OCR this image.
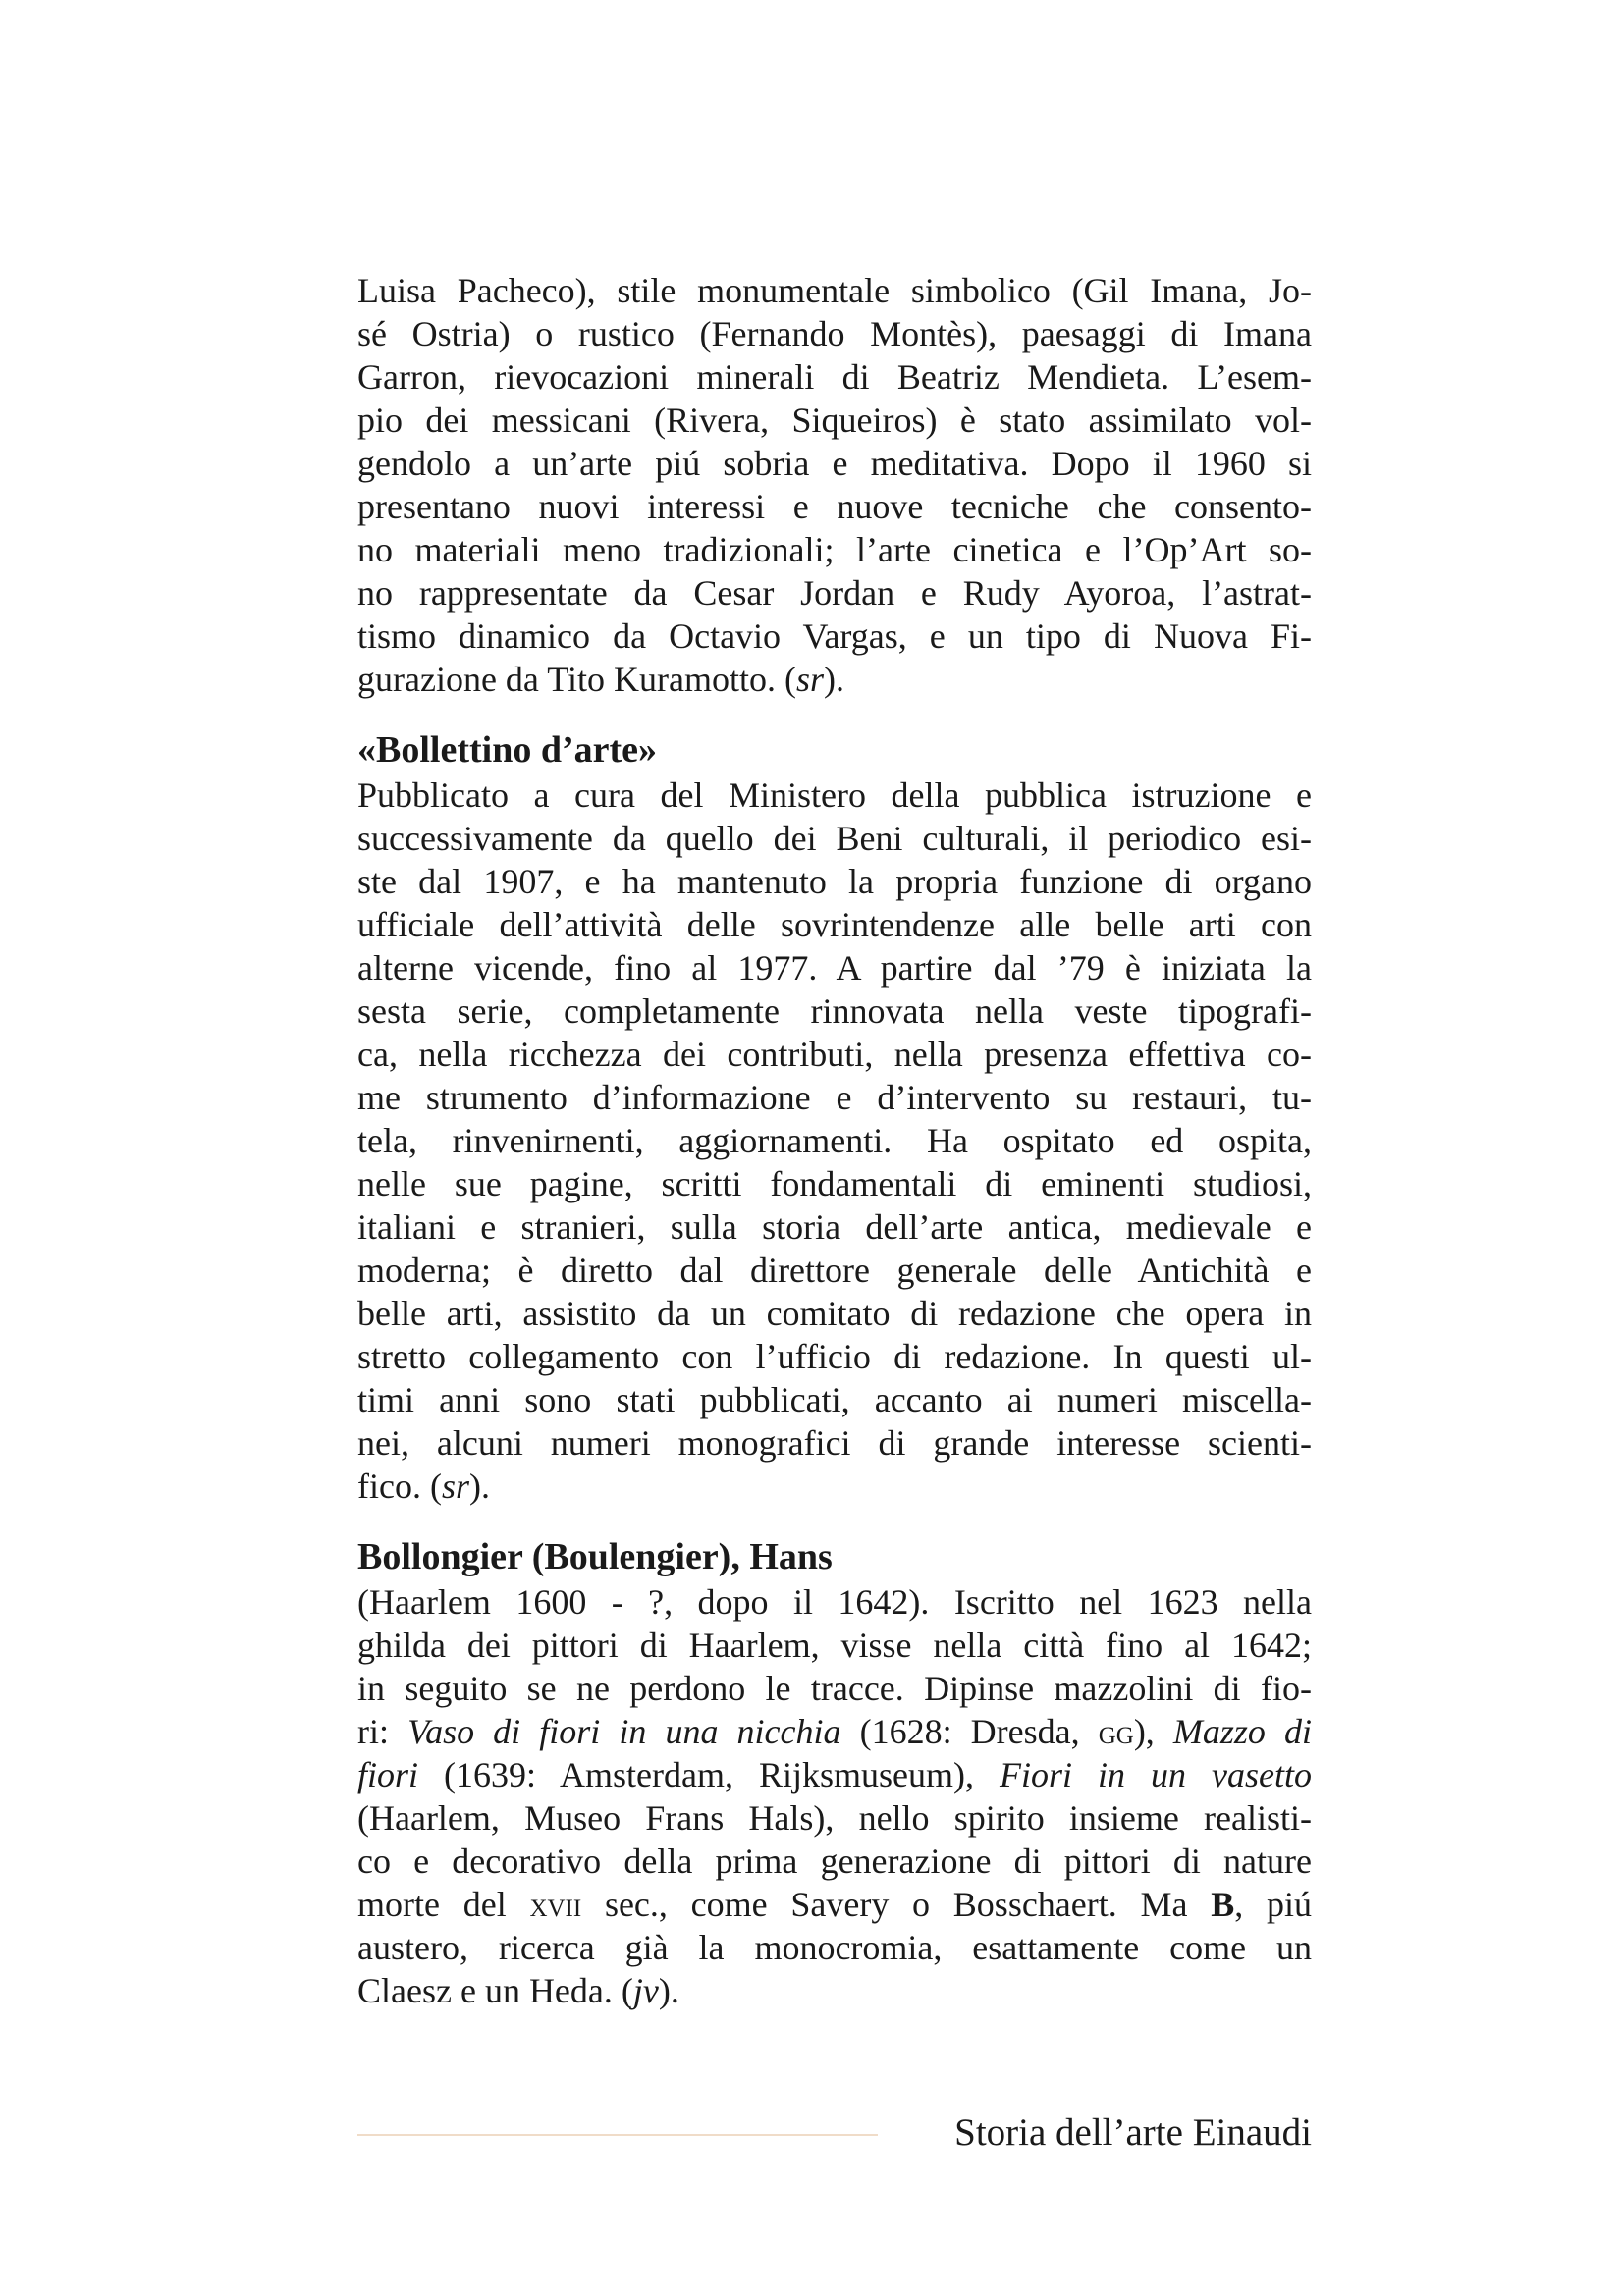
Luisa Pacheco), stile monumentale simbolico (Gil Imana, Jo-
sé Ostria) o rustico (Fernando Montès), paesaggi di Imana
Garron, rievocazioni minerali di Beatriz Mendieta. L’esem-
pio dei messicani (Rivera, Siqueiros) è stato assimilato vol-
gendolo a un’arte piú sobria e meditativa. Dopo il 1960 si
presentano nuovi interessi e nuove tecniche che consento-
no materiali meno tradizionali; l’arte cinetica e l’Op’Art so-
no rappresentate da Cesar Jordan e Rudy Ayoroa, l’astrat-
tismo dinamico da Octavio Vargas, e un tipo di Nuova Fi-
gurazione da Tito Kuramotto. (sr).
«Bollettino d’arte»
Pubblicato a cura del Ministero della pubblica istruzione e
successivamente da quello dei Beni culturali, il periodico esi-
ste dal 1907, e ha mantenuto la propria funzione di organo
ufficiale dell’attività delle sovrintendenze alle belle arti con
alterne vicende, fino al 1977. A partire dal ’79 è iniziata la
sesta serie, completamente rinnovata nella veste tipografi-
ca, nella ricchezza dei contributi, nella presenza effettiva co-
me strumento d’informazione e d’intervento su restauri, tu-
tela, rinvenirnenti, aggiornamenti. Ha ospitato ed ospita,
nelle sue pagine, scritti fondamentali di eminenti studiosi,
italiani e stranieri, sulla storia dell’arte antica, medievale e
moderna; è diretto dal direttore generale delle Antichità e
belle arti, assistito da un comitato di redazione che opera in
stretto collegamento con l’ufficio di redazione. In questi ul-
timi anni sono stati pubblicati, accanto ai numeri miscella-
nei, alcuni numeri monografici di grande interesse scienti-
fico. (sr).
Bollongier (Boulengier), Hans
(Haarlem 1600 - ?, dopo il 1642). Iscritto nel 1623 nella
ghilda dei pittori di Haarlem, visse nella città fino al 1642;
in seguito se ne perdono le tracce. Dipinse mazzolini di fio-
ri: Vaso di fiori in una nicchia (1628: Dresda, gg), Mazzo di
fiori (1639: Amsterdam, Rijksmuseum), Fiori in un vasetto
(Haarlem, Museo Frans Hals), nello spirito insieme realisti-
co e decorativo della prima generazione di pittori di nature
morte del xvii sec., come Savery o Bosschaert. Ma B, piú
austero, ricerca già la monocromia, esattamente come un
Claesz e un Heda. (jv).
Storia dell’arte Einaudi
